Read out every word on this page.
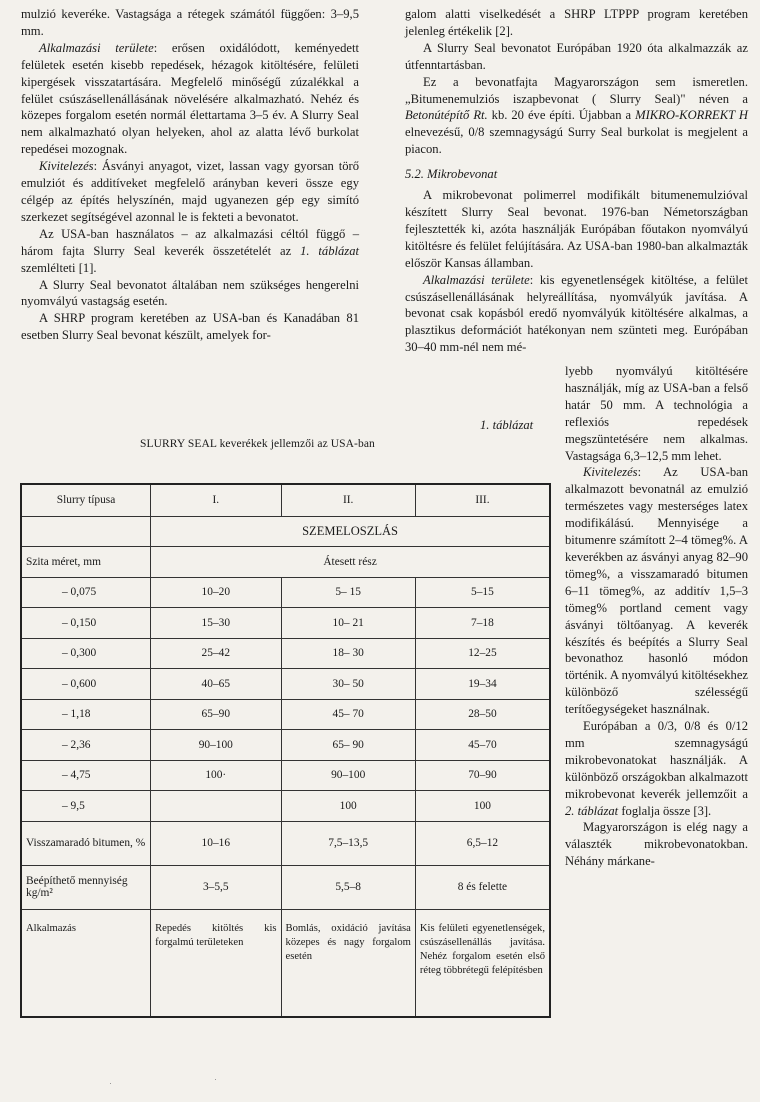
mulzió keveréke. Vastagsága a rétegek számától függően: 3–9,5 mm.

Alkalmazási területe: erősen oxidálódott, keményedett felületek esetén kisebb repedések, hézagok kitöltésére, felületi kipergések visszatartására. Megfelelő minőségű zúzalékkal a felület csúszásellenállásának növelésére alkalmazható. Nehéz és közepes forgalom esetén normál élettartama 3–5 év. A Slurry Seal nem alkalmazható olyan helyeken, ahol az alatta lévő burkolat repedései mozognak.

Kivitelezés: Ásványi anyagot, vizet, lassan vagy gyorsan törő emulziót és additíveket megfelelő arányban keveri össze egy célgép az építés helyszínén, majd ugyanezen gép egy simító szerkezet segítségével azonnal le is fekteti a bevonatot.

Az USA-ban használatos – az alkalmazási céltól függő – három fajta Slurry Seal keverék összetételét az 1. táblázat szemlélteti [1].

A Slurry Seal bevonatot általában nem szükséges hengerelni nyomvályú vastagság esetén.

A SHRP program keretében az USA-ban és Kanadában 81 esetben Slurry Seal bevonat készült, amelyek for-

galom alatti viselkedését a SHRP LTPPP program keretében jelenleg értékelik [2].

A Slurry Seal bevonatot Európában 1920 óta alkalmazzák az útfenntartásban.

Ez a bevonatfajta Magyarországon sem ismeretlen. „Bitumenemulziós iszapbevonat ( Slurry Seal)" néven a Betonútépítő Rt. kb. 20 éve építi. Újabban a MIKRO-KORREKT H elnevezésű, 0/8 szemnagyságú Surry Seal burkolat is megjelent a piacon.

5.2. Mikrobevonat

A mikrobevonat polimerrel modifikált bitumenemulzióval készített Slurry Seal bevonat. 1976-ban Németországban fejlesztették ki, azóta használják Európában főutakon nyomvályú kitöltésre és felület felújítására. Az USA-ban 1980-ban alkalmazták először Kansas államban.

Alkalmazási területe: kis egyenetlenségek kitöltése, a felület csúszásellenállásának helyreállítása, nyomvályúk javítása. A bevonat csak kopásból eredő nyomvályúk kitöltésére alkalmas, a plasztikus deformációt hatékonyan nem szünteti meg. Európában 30–40 mm-nél nem mé-

lyebb nyomvályú kitöltésére használják, míg az USA-ban a felső határ 50 mm. A technológia a reflexiós repedések megszüntetésére nem alkalmas. Vastagsága 6,3–12,5 mm lehet.

Kivitelezés: Az USA-ban alkalmazott bevonatnál az emulzió természetes vagy mesterséges latex modifikálású. Mennyisége a bitumenre számított 2–4 tömeg%. A keverékben az ásványi anyag 82–90 tömeg%, a visszamaradó bitumen 6–11 tömeg%, az additív 1,5–3 tömeg% portland cement vagy ásványi töltőanyag. A keverék készítés és beépítés a Slurry Seal bevonathoz hasonló módon történik. A nyomvályú kitöltésekhez különböző szélességű terítőegységeket használnak.

Európában a 0/3, 0/8 és 0/12 mm szemnagyságú mikrobevonatokat használják. A különböző országokban alkalmazott mikrobevonat keverék jellemzőit a 2. táblázat foglalja össze [3].

Magyarországon is elég nagy a választék mikrobevonatokban. Néhány márkane-

1. táblázat
SLURRY SEAL keverékek jellemzői az USA-ban
Slurry típusa	I.	II.	III.
	SZEMELOSZLÁS		
Szita méret, mm	Átesett rész		
– 0,075	10–20	5– 15	5–15
– 0,150	15–30	10– 21	7–18
– 0,300	25–42	18– 30	12–25
– 0,600	40–65	30– 50	19–34
– 1,18	65–90	45– 70	28–50
– 2,36	90–100	65– 90	45–70
– 4,75	100·	90–100	70–90
– 9,5		100	100
Visszamaradó bitumen, %	10–16	7,5–13,5	6,5–12
Beépíthető mennyiség kg/m²	3–5,5	5,5–8	8 és felette
Alkalmazás	Repedés kitöltés kis forgalmú területeken	Bomlás, oxidáció javítása közepes és nagy forgalom esetén	Kis felületi egyenetlenségek, csúszásellenállás javítása. Nehéz forgalom esetén első réteg többrétegű felépítésben
